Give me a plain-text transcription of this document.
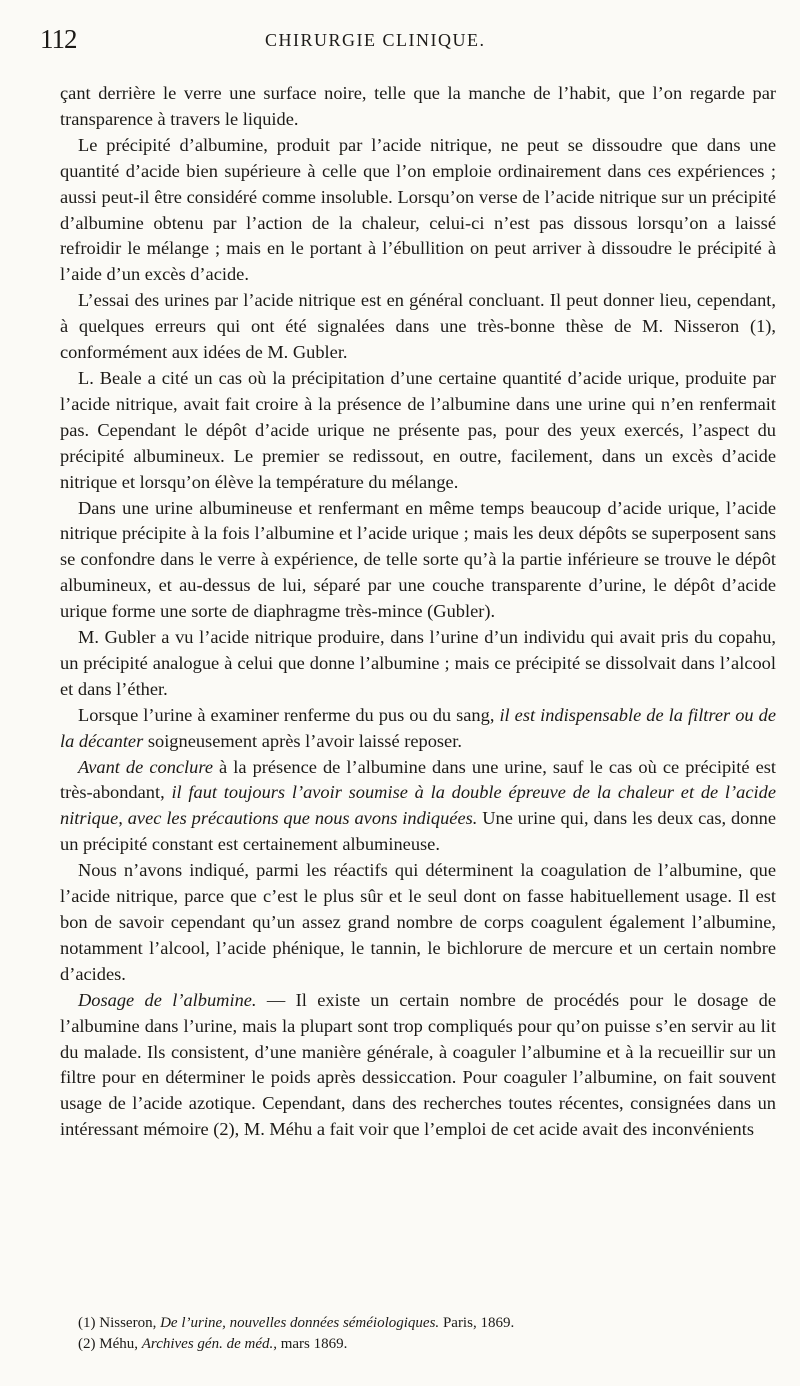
112	CHIRURGIE CLINIQUE.

çant derrière le verre une surface noire, telle que la manche de l’habit, que l’on regarde par transparence à travers le liquide.

Le précipité d’albumine, produit par l’acide nitrique, ne peut se dissoudre que dans une quantité d’acide bien supérieure à celle que l’on emploie ordinairement dans ces expériences ; aussi peut-il être considéré comme insoluble. Lorsqu’on verse de l’acide nitrique sur un précipité d’albumine obtenu par l’action de la chaleur, celui-ci n’est pas dissous lorsqu’on a laissé refroidir le mélange ; mais en le portant à l’ébullition on peut arriver à dissoudre le précipité à l’aide d’un excès d’acide.

L’essai des urines par l’acide nitrique est en général concluant. Il peut donner lieu, cependant, à quelques erreurs qui ont été signalées dans une très-bonne thèse de M. Nisseron (1), conformément aux idées de M. Gubler.

L. Beale a cité un cas où la précipitation d’une certaine quantité d’acide urique, produite par l’acide nitrique, avait fait croire à la présence de l’albumine dans une urine qui n’en renfermait pas. Cependant le dépôt d’acide urique ne présente pas, pour des yeux exercés, l’aspect du précipité albumineux. Le premier se redissout, en outre, facilement, dans un excès d’acide nitrique et lorsqu’on élève la température du mélange.

Dans une urine albumineuse et renfermant en même temps beaucoup d’acide urique, l’acide nitrique précipite à la fois l’albumine et l’acide urique ; mais les deux dépôts se superposent sans se confondre dans le verre à expérience, de telle sorte qu’à la partie inférieure se trouve le dépôt albumineux, et au-dessus de lui, séparé par une couche transparente d’urine, le dépôt d’acide urique forme une sorte de diaphragme très-mince (Gubler).

M. Gubler a vu l’acide nitrique produire, dans l’urine d’un individu qui avait pris du copahu, un précipité analogue à celui que donne l’albumine ; mais ce précipité se dissolvait dans l’alcool et dans l’éther.

Lorsque l’urine à examiner renferme du pus ou du sang, il est indispensable de la filtrer ou de la décanter soigneusement après l’avoir laissé reposer.

Avant de conclure à la présence de l’albumine dans une urine, sauf le cas où ce précipité est très-abondant, il faut toujours l’avoir soumise à la double épreuve de la chaleur et de l’acide nitrique, avec les précautions que nous avons indiquées. Une urine qui, dans les deux cas, donne un précipité constant est certainement albumineuse.

Nous n’avons indiqué, parmi les réactifs qui déterminent la coagulation de l’albumine, que l’acide nitrique, parce que c’est le plus sûr et le seul dont on fasse habituellement usage. Il est bon de savoir cependant qu’un assez grand nombre de corps coagulent également l’albumine, notamment l’alcool, l’acide phénique, le tannin, le bichlorure de mercure et un certain nombre d’acides.

Dosage de l’albumine. — Il existe un certain nombre de procédés pour le dosage de l’albumine dans l’urine, mais la plupart sont trop compliqués pour qu’on puisse s’en servir au lit du malade. Ils consistent, d’une manière générale, à coaguler l’albumine et à la recueillir sur un filtre pour en déterminer le poids après dessiccation. Pour coaguler l’albumine, on fait souvent usage de l’acide azotique. Cependant, dans des recherches toutes récentes, consignées dans un intéressant mémoire (2), M. Méhu a fait voir que l’emploi de cet acide avait des inconvénients

(1) Nisseron, De l’urine, nouvelles données séméiologiques. Paris, 1869.

(2) Méhu, Archives gén. de méd., mars 1869.
